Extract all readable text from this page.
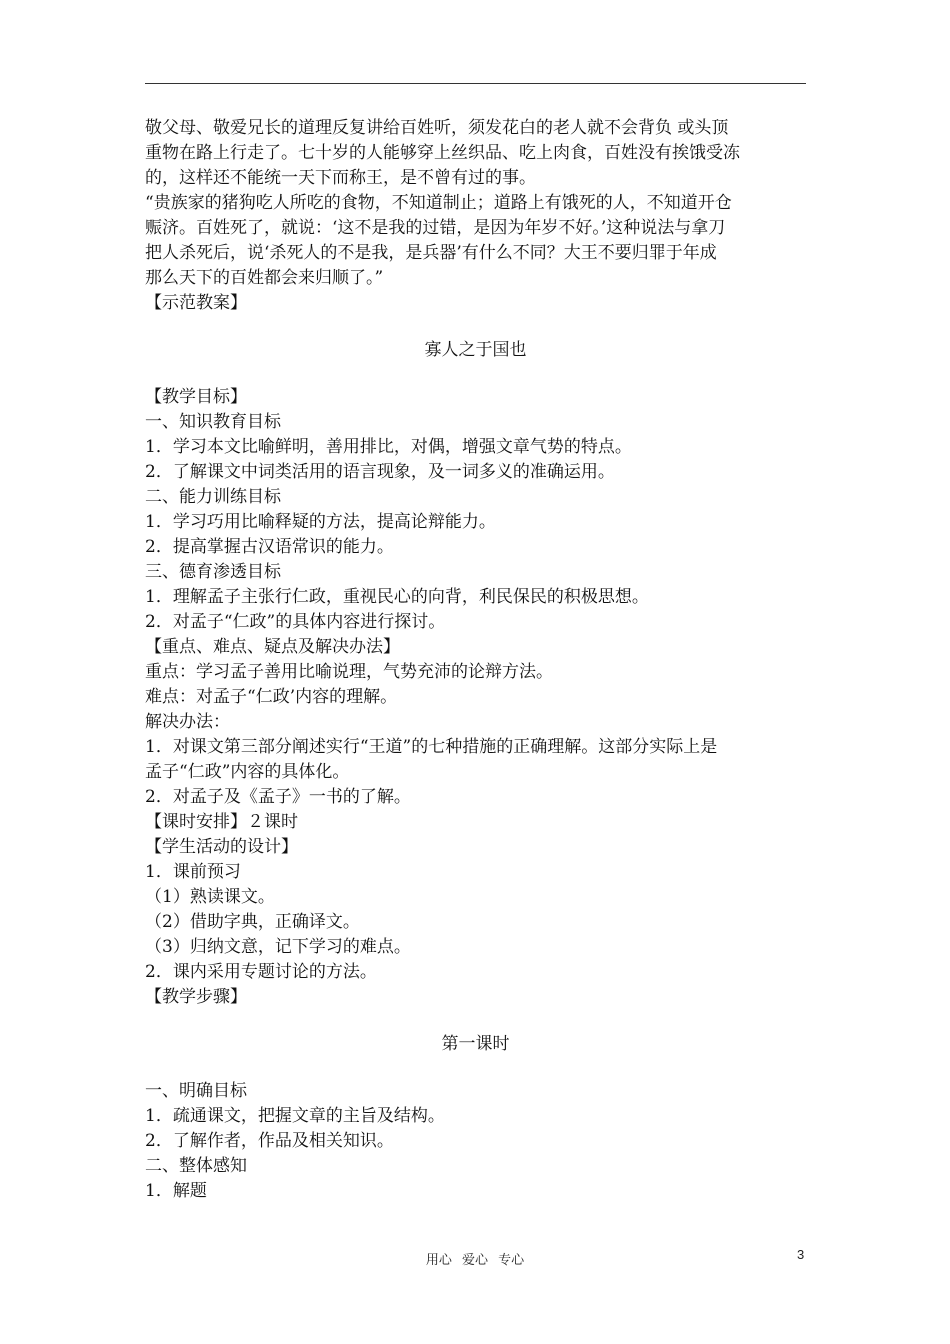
敬父母、敬爱兄长的道理反复讲给百姓听，须发花白的老人就不会背负 或头顶

重物在路上行走了。七十岁的人能够穿上丝织品、吃上肉食，百姓没有挨饿受冻

的，这样还不能统一天下而称王，是不曾有过的事。

“贵族家的猪狗吃人所吃的食物，不知道制止；道路上有饿死的人，不知道开仓

赈济。百姓死了，就说：‘这不是我的过错，是因为年岁不好。’这种说法与拿刀

把人杀死后，说‘杀死人的不是我，是兵器’有什么不同？大王不要归罪于年成

那么天下的百姓都会来归顺了。”

【示范教案】

寡人之于国也

【教学目标】

一、知识教育目标

1．学习本文比喻鲜明，善用排比，对偶，增强文章气势的特点。

2．了解课文中词类活用的语言现象，及一词多义的准确运用。

二、能力训练目标

1．学习巧用比喻释疑的方法，提高论辩能力。

2．提高掌握古汉语常识的能力。

三、德育渗透目标

1．理解孟子主张行仁政，重视民心的向背，利民保民的积极思想。

2．对孟子“仁政”的具体内容进行探讨。

【重点、难点、疑点及解决办法】

重点：学习孟子善用比喻说理，气势充沛的论辩方法。

难点：对孟子“仁政’内容的理解。

解决办法：

1．对课文第三部分阐述实行“王道”的七种措施的正确理解。这部分实际上是

孟子“仁政”内容的具体化。

2．对孟子及《孟子》一书的了解。

【课时安排】２课时

【学生活动的设计】

1．课前预习

（1）熟读课文。

（2）借助字典，正确译文。

（3）归纳文意，记下学习的难点。

2．课内采用专题讨论的方法。

【教学步骤】

第一课时

一、明确目标

1．疏通课文，把握文章的主旨及结构。

2．了解作者，作品及相关知识。

二、整体感知

1．解题

用心 爱心 专心	3
